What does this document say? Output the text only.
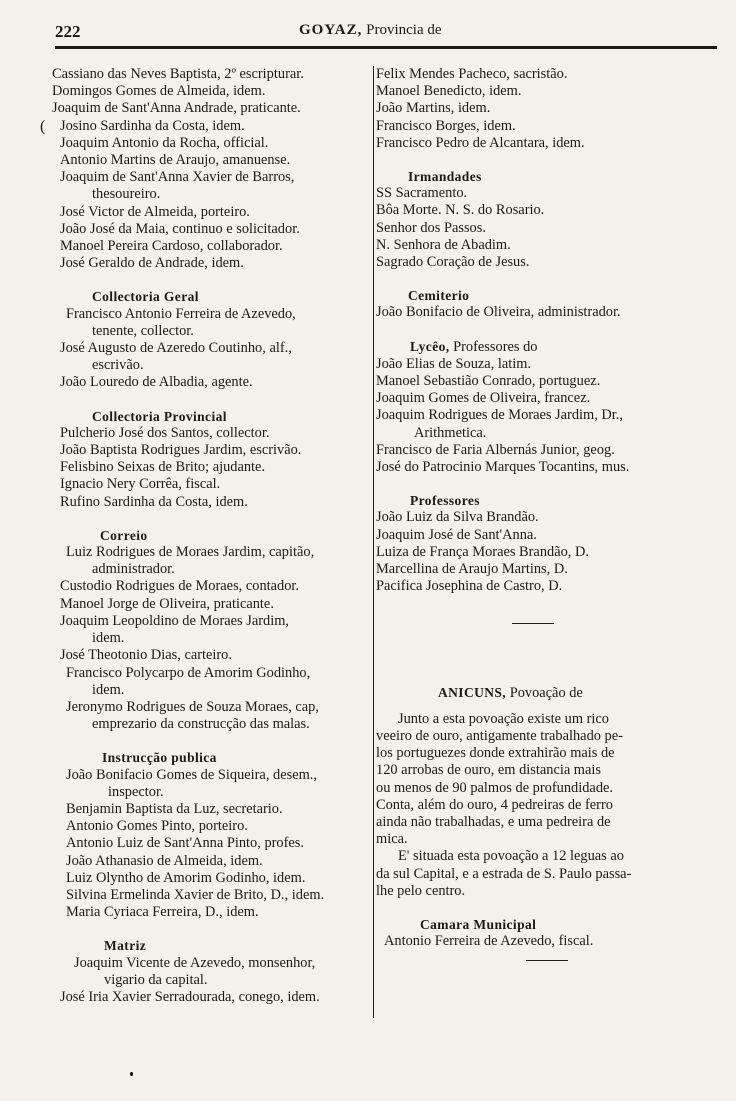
222	GOYAZ, Provincia de
(
Cassiano das Neves Baptista, 2º escripturar.
Domingos Gomes de Almeida, idem.
Joaquim de Sant'Anna Andrade, praticante.
Josino Sardinha da Costa, idem.
Joaquim Antonio da Rocha, official.
Antonio Martins de Araujo, amanuense.
Joaquim de Sant'Anna Xavier de Barros,
thesoureiro.
José Victor de Almeida, porteiro.
João José da Maia, continuo e solicitador.
Manoel Pereira Cardoso, collaborador.
José Geraldo de Andrade, idem.
Collectoria Geral
Francisco Antonio Ferreira de Azevedo,
tenente, collector.
José Augusto de Azeredo Coutinho, alf.,
escrivão.
João Louredo de Albadia, agente.
Collectoria Provincial
Pulcherio José dos Santos, collector.
João Baptista Rodrigues Jardim, escrivão.
Felisbino Seixas de Brito; ajudante.
Ignacio Nery Corrêa, fiscal.
Rufino Sardinha da Costa, idem.
Correio
Luiz Rodrigues de Moraes Jardim, capitão,
administrador.
Custodio Rodrigues de Moraes, contador.
Manoel Jorge de Oliveira, praticante.
Joaquim Leopoldino de Moraes Jardim,
idem.
José Theotonio Dias, carteiro.
Francisco Polycarpo de Amorim Godinho,
idem.
Jeronymo Rodrigues de Souza Moraes, cap,
emprezario da construcção das malas.
Instrucção publica
João Bonifacio Gomes de Siqueira, desem.,
inspector.
Benjamin Baptista da Luz, secretario.
Antonio Gomes Pinto, porteiro.
Antonio Luiz de Sant'Anna Pinto, profes.
João Athanasio de Almeida, idem.
Luiz Olyntho de Amorim Godinho, idem.
Silvina Ermelinda Xavier de Brito, D., idem.
Maria Cyriaca Ferreira, D., idem.
Matriz
Joaquim Vicente de Azevedo, monsenhor,
vigario da capital.
José Iria Xavier Serradourada, conego, idem.
Felix Mendes Pacheco, sacristão.
Manoel Benedicto, idem.
João Martins, idem.
Francisco Borges, idem.
Francisco Pedro de Alcantara, idem.
Irmandades
SS Sacramento.
Bôa Morte. N. S. do Rosario.
Senhor dos Passos.
N. Senhora de Abadim.
Sagrado Coração de Jesus.
Cemiterio
João Bonifacio de Oliveira, administrador.
Lycêo, Professores do
João Elias de Souza, latim.
Manoel Sebastião Conrado, portuguez.
Joaquim Gomes de Oliveira, francez.
Joaquim Rodrigues de Moraes Jardim, Dr.,
Arithmetica.
Francisco de Faria Albernás Junior, geog.
José do Patrocinio Marques Tocantins, mus.
Professores
João Luiz da Silva Brandão.
Joaquim José de Sant'Anna.
Luiza de França Moraes Brandão, D.
Marcellina de Araujo Martins, D.
Pacifica Josephina de Castro, D.
ANICUNS, Povoação de
Junto a esta povoação existe um rico
veeiro de ouro, antigamente trabalhado pe-
los portuguezes donde extrahirão mais de
120 arrobas de ouro, em distancia mais
ou menos de 90 palmos de profundidade.
Conta, além do ouro, 4 pedreiras de ferro
ainda não trabalhadas, e uma pedreira de
mica.
E' situada esta povoação a 12 leguas ao
da sul Capital, e a estrada de S. Paulo passa-
lhe pelo centro.
Camara Municipal
Antonio Ferreira de Azevedo, fiscal.
